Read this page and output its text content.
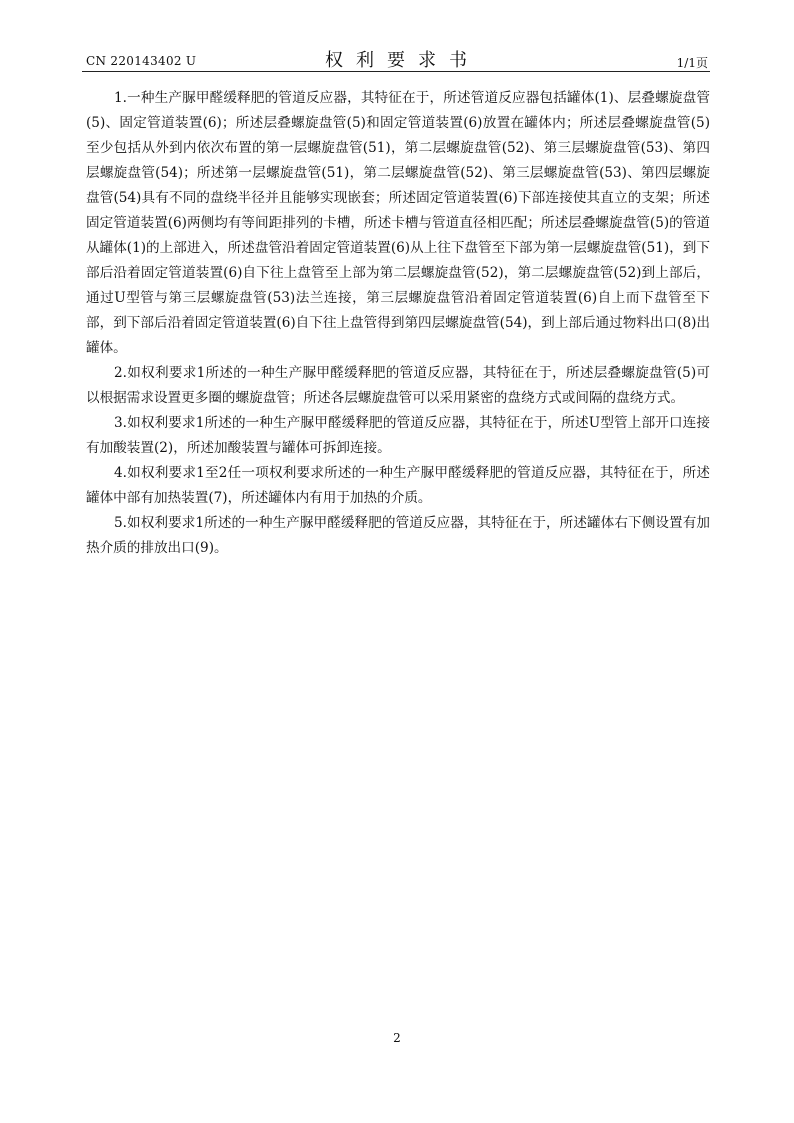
CN 220143402 U	权利要求书	1/1页

1.一种生产脲甲醛缓释肥的管道反应器，其特征在于，所述管道反应器包括罐体(1)、层叠螺旋盘管(5)、固定管道装置(6)；所述层叠螺旋盘管(5)和固定管道装置(6)放置在罐体内；所述层叠螺旋盘管(5)至少包括从外到内依次布置的第一层螺旋盘管(51)，第二层螺旋盘管(52)、第三层螺旋盘管(53)、第四层螺旋盘管(54)；所述第一层螺旋盘管(51)，第二层螺旋盘管(52)、第三层螺旋盘管(53)、第四层螺旋盘管(54)具有不同的盘绕半径并且能够实现嵌套；所述固定管道装置(6)下部连接使其直立的支架；所述固定管道装置(6)两侧均有等间距排列的卡槽，所述卡槽与管道直径相匹配；所述层叠螺旋盘管(5)的管道从罐体(1)的上部进入，所述盘管沿着固定管道装置(6)从上往下盘管至下部为第一层螺旋盘管(51)，到下部后沿着固定管道装置(6)自下往上盘管至上部为第二层螺旋盘管(52)，第二层螺旋盘管(52)到上部后，通过U型管与第三层螺旋盘管(53)法兰连接，第三层螺旋盘管沿着固定管道装置(6)自上而下盘管至下部，到下部后沿着固定管道装置(6)自下往上盘管得到第四层螺旋盘管(54)，到上部后通过物料出口(8)出罐体。

2.如权利要求1所述的一种生产脲甲醛缓释肥的管道反应器，其特征在于，所述层叠螺旋盘管(5)可以根据需求设置更多圈的螺旋盘管；所述各层螺旋盘管可以采用紧密的盘绕方式或间隔的盘绕方式。

3.如权利要求1所述的一种生产脲甲醛缓释肥的管道反应器，其特征在于，所述U型管上部开口连接有加酸装置(2)，所述加酸装置与罐体可拆卸连接。

4.如权利要求1至2任一项权利要求所述的一种生产脲甲醛缓释肥的管道反应器，其特征在于，所述罐体中部有加热装置(7)，所述罐体内有用于加热的介质。

5.如权利要求1所述的一种生产脲甲醛缓释肥的管道反应器，其特征在于，所述罐体右下侧设置有加热介质的排放出口(9)。

2
